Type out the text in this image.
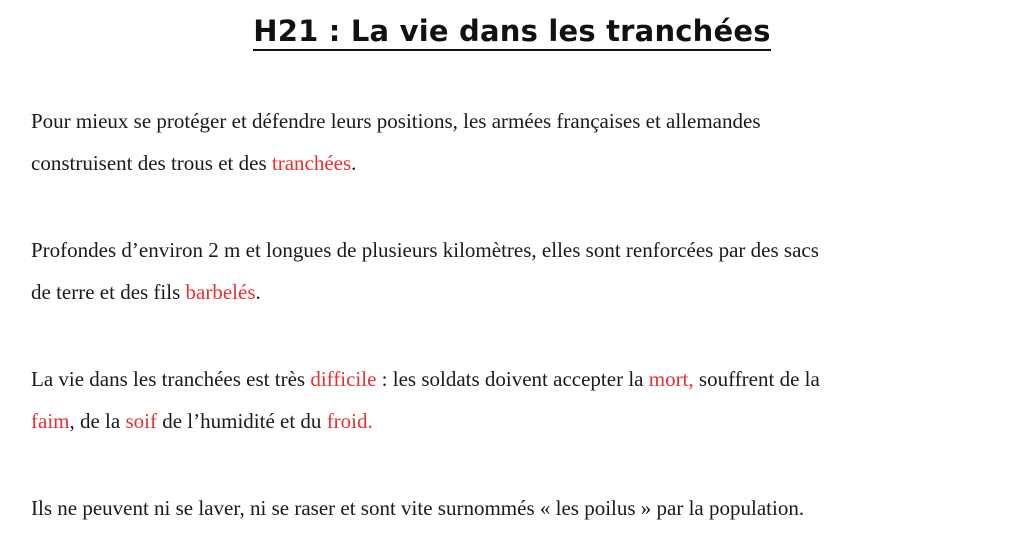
H21 : La vie dans les tranchées

Pour mieux se protéger et défendre leurs positions, les armées françaises et allemandes
construisent des trous et des tranchées.

Profondes d’environ 2 m et longues de plusieurs kilomètres, elles sont renforcées par des sacs
de terre et des fils barbelés.

La vie dans les tranchées est très difficile : les soldats doivent accepter la mort, souffrent de la
faim, de la soif de l’humidité et du froid.

Ils ne peuvent ni se laver, ni se raser et sont vite surnommés « les poilus » par la population.
